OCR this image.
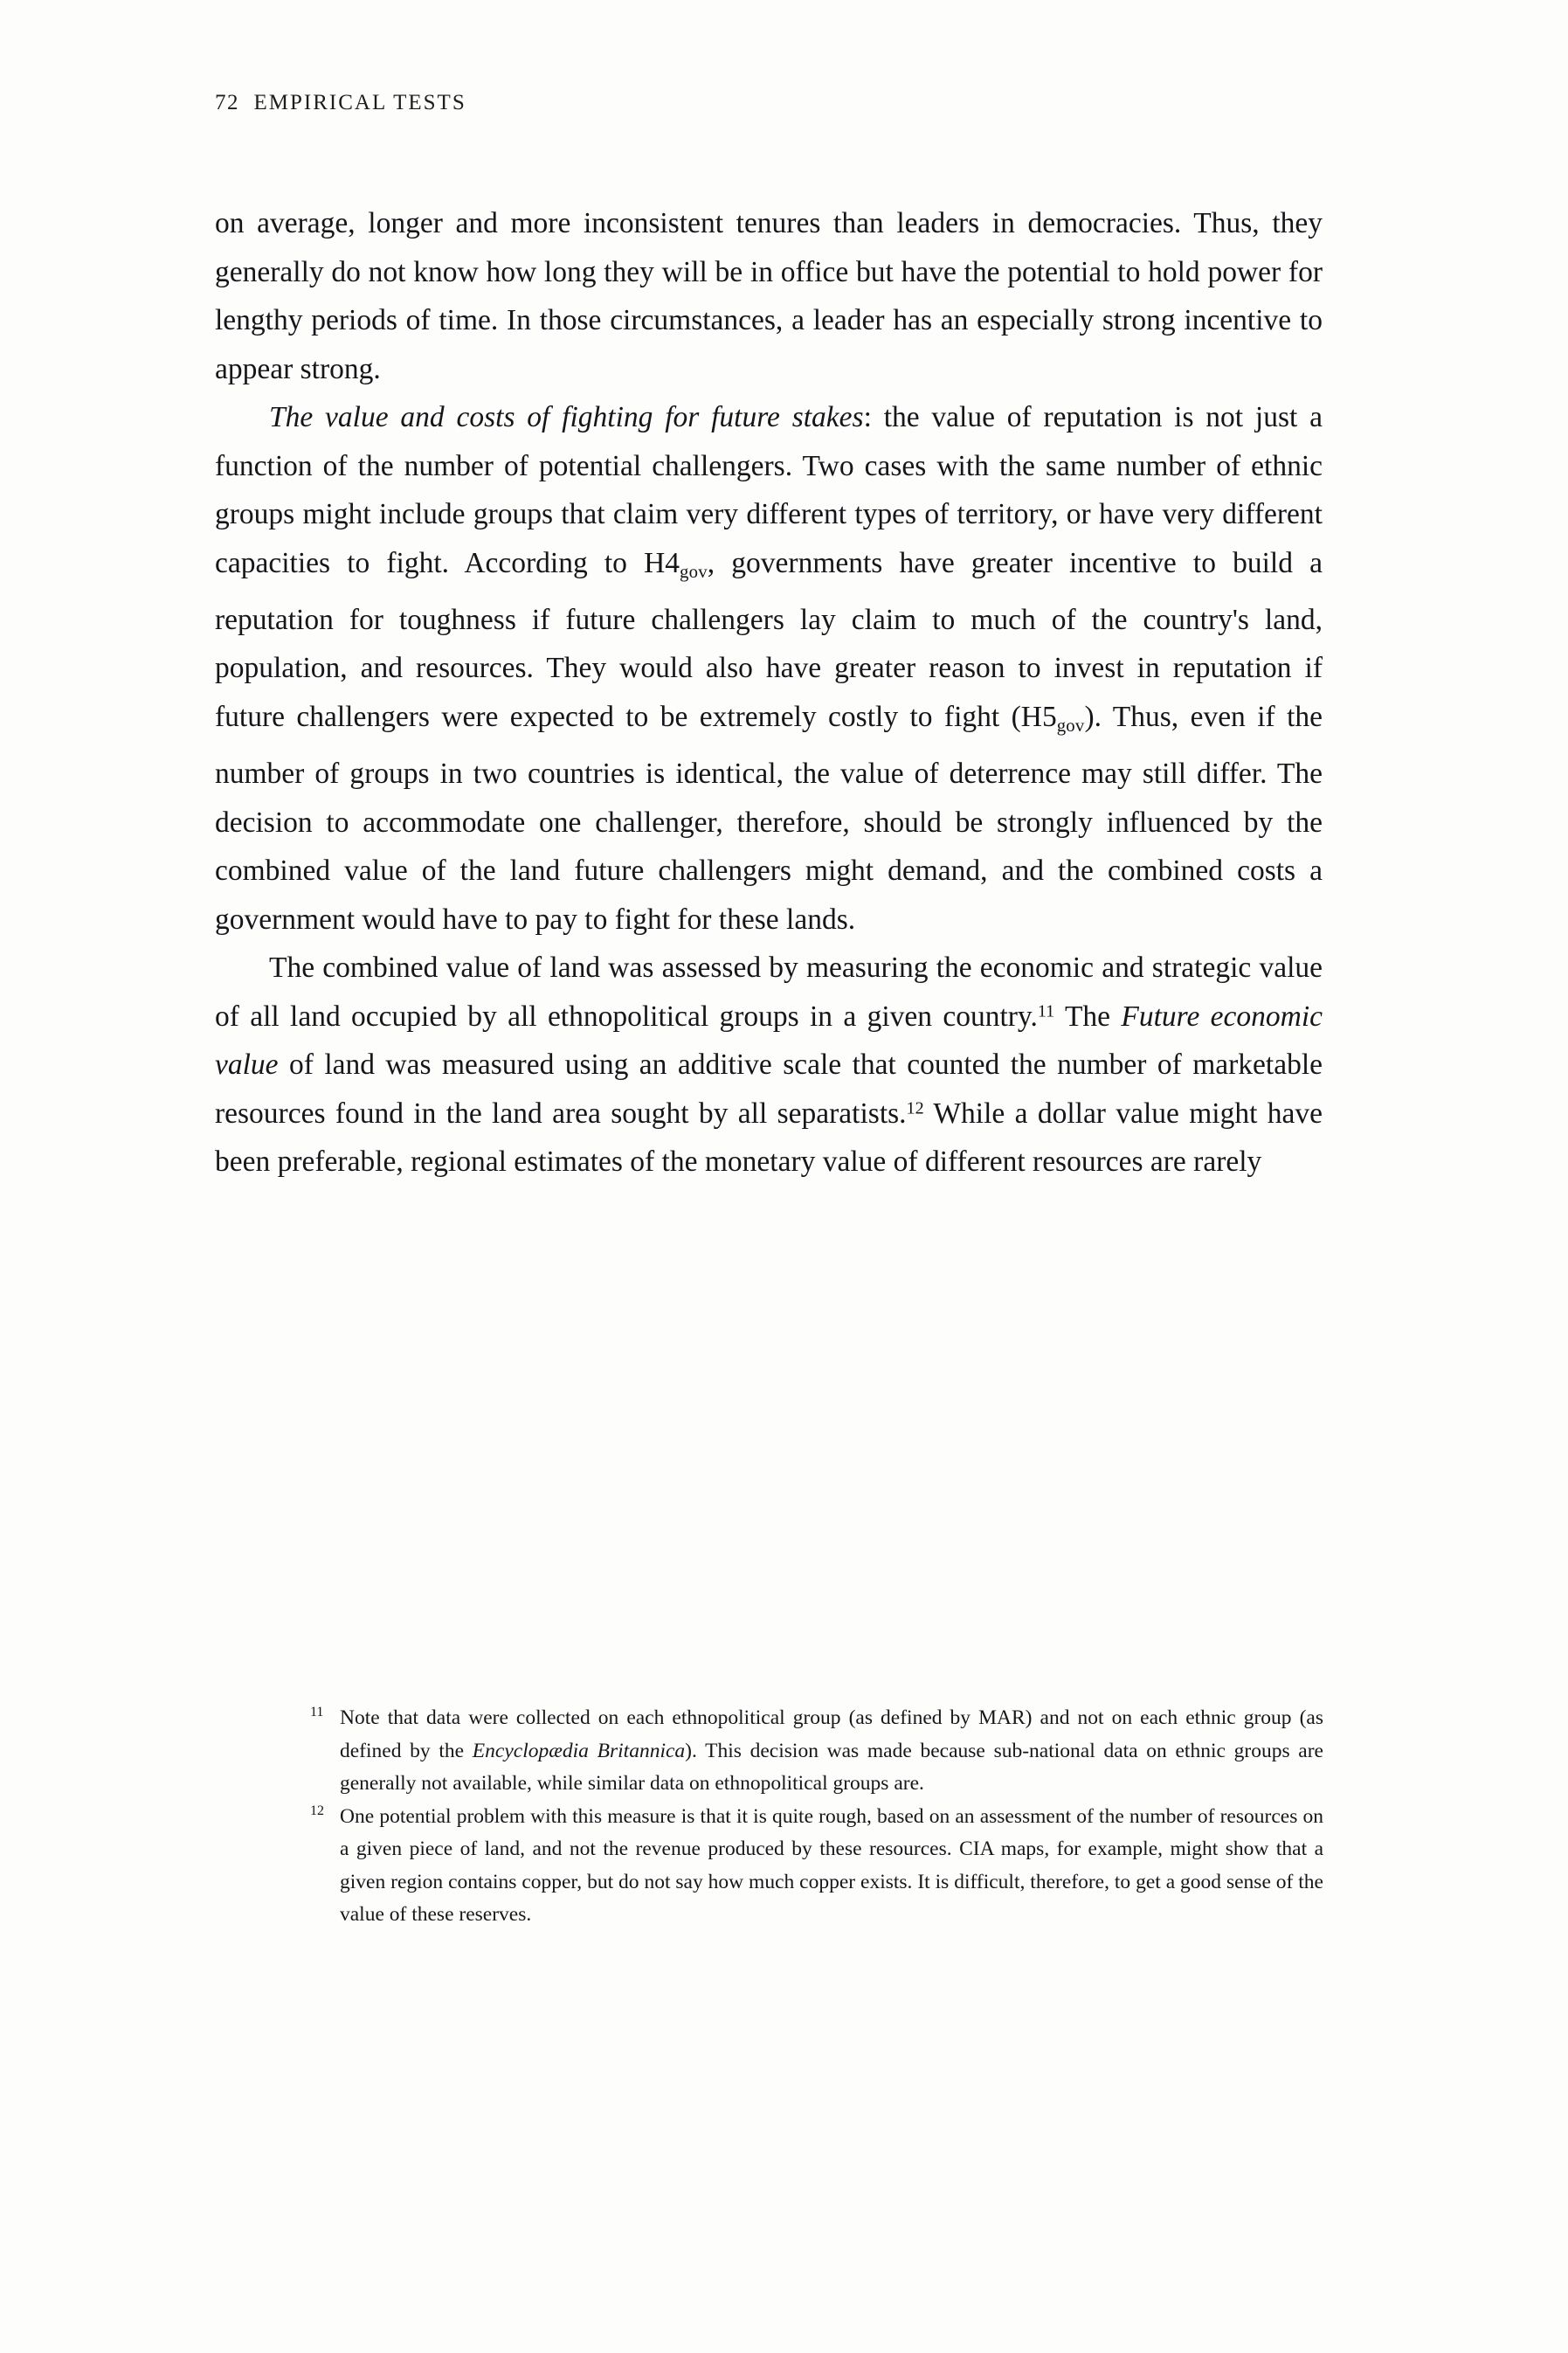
72 EMPIRICAL TESTS

on average, longer and more inconsistent tenures than leaders in democracies. Thus, they generally do not know how long they will be in office but have the potential to hold power for lengthy periods of time. In those circumstances, a leader has an especially strong incentive to appear strong.

The value and costs of fighting for future stakes: the value of reputation is not just a function of the number of potential challengers. Two cases with the same number of ethnic groups might include groups that claim very different types of territory, or have very different capacities to fight. According to $H4_{gov}$, governments have greater incentive to build a reputation for toughness if future challengers lay claim to much of the country's land, population, and resources. They would also have greater reason to invest in reputation if future challengers were expected to be extremely costly to fight $(H5_{gov})$. Thus, even if the number of groups in two countries is identical, the value of deterrence may still differ. The decision to accommodate one challenger, therefore, should be strongly influenced by the combined value of the land future challengers might demand, and the combined costs a government would have to pay to fight for these lands.

The combined value of land was assessed by measuring the economic and strategic value of all land occupied by all ethnopolitical groups in a given country.$^{11}$ The Future economic value of land was measured using an additive scale that counted the number of marketable resources found in the land area sought by all separatists.$^{12}$ While a dollar value might have been preferable, regional estimates of the monetary value of different resources are rarely

11 Note that data were collected on each ethnopolitical group (as defined by MAR) and not on each ethnic group (as defined by the Encyclopædia Britannica). This decision was made because sub-national data on ethnic groups are generally not available, while similar data on ethnopolitical groups are.
12 One potential problem with this measure is that it is quite rough, based on an assessment of the number of resources on a given piece of land, and not the revenue produced by these resources. CIA maps, for example, might show that a given region contains copper, but do not say how much copper exists. It is difficult, therefore, to get a good sense of the value of these reserves.
